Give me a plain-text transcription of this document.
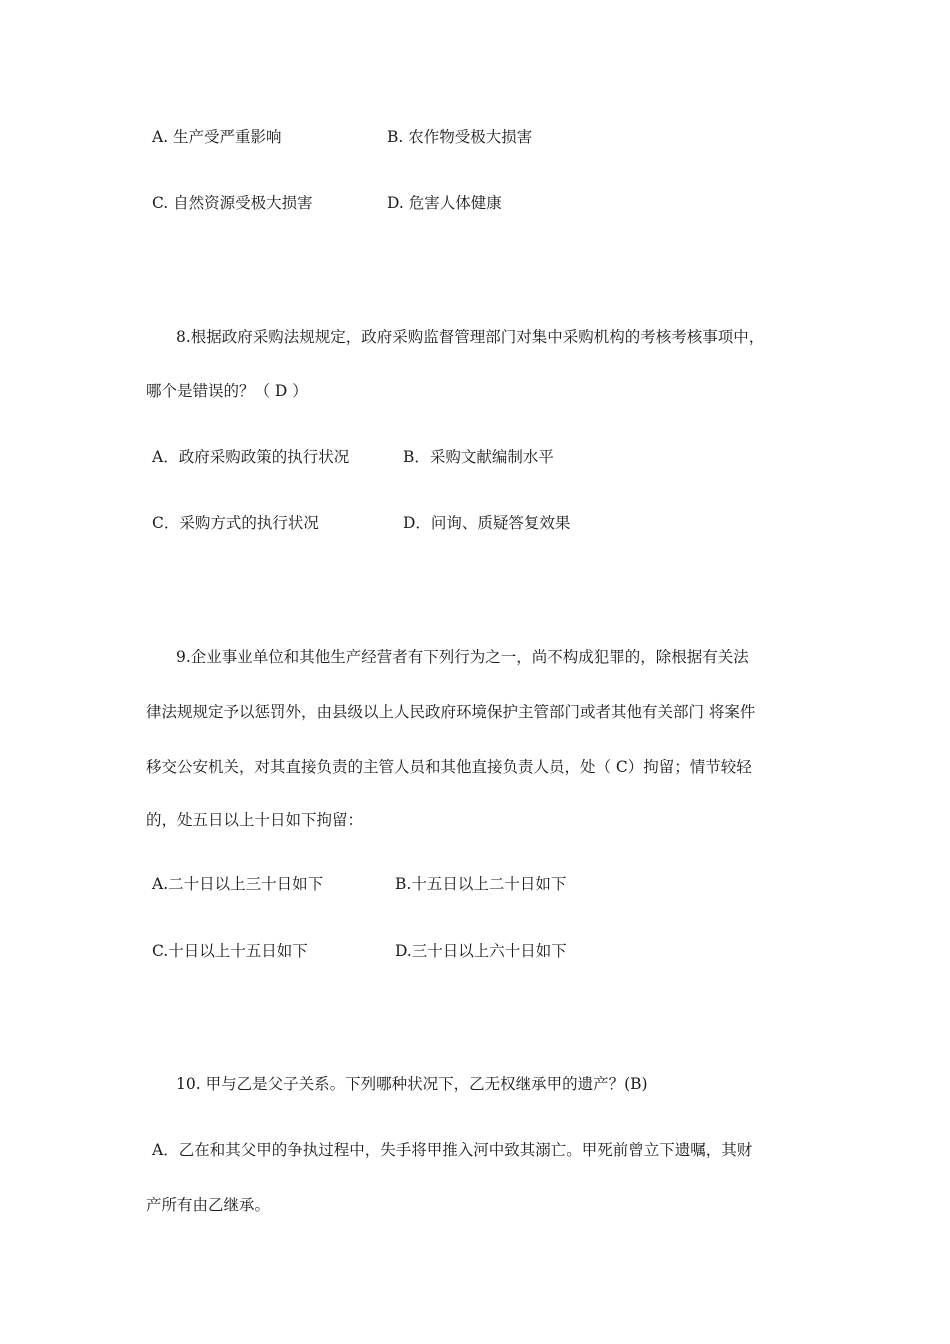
A. 生产受严重影响	B. 农作物受极大损害
C. 自然资源受极大损害	D. 危害人体健康
8.根据政府采购法规规定，政府采购监督管理部门对集中采购机构的考核考核事项中，
哪个是错误的？（ D ）
A．政府采购政策的执行状况	B．采购文献编制水平
C．采购方式的执行状况	D．问询、质疑答复效果
9.企业事业单位和其他生产经营者有下列行为之一，尚不构成犯罪的，除根据有关法
律法规规定予以惩罚外，由县级以上人民政府环境保护主管部门或者其他有关部门 将案件
移交公安机关，对其直接负责的主管人员和其他直接负责人员，处（ C）拘留；情节较轻
的，处五日以上十日如下拘留：
A.二十日以上三十日如下	B.十五日以上二十日如下
C.十日以上十五日如下	D.三十日以上六十日如下
10. 甲与乙是父子关系。下列哪种状况下，乙无权继承甲的遗产？(B)
A．乙在和其父甲的争执过程中，失手将甲推入河中致其溺亡。甲死前曾立下遗嘱，其财
产所有由乙继承。
